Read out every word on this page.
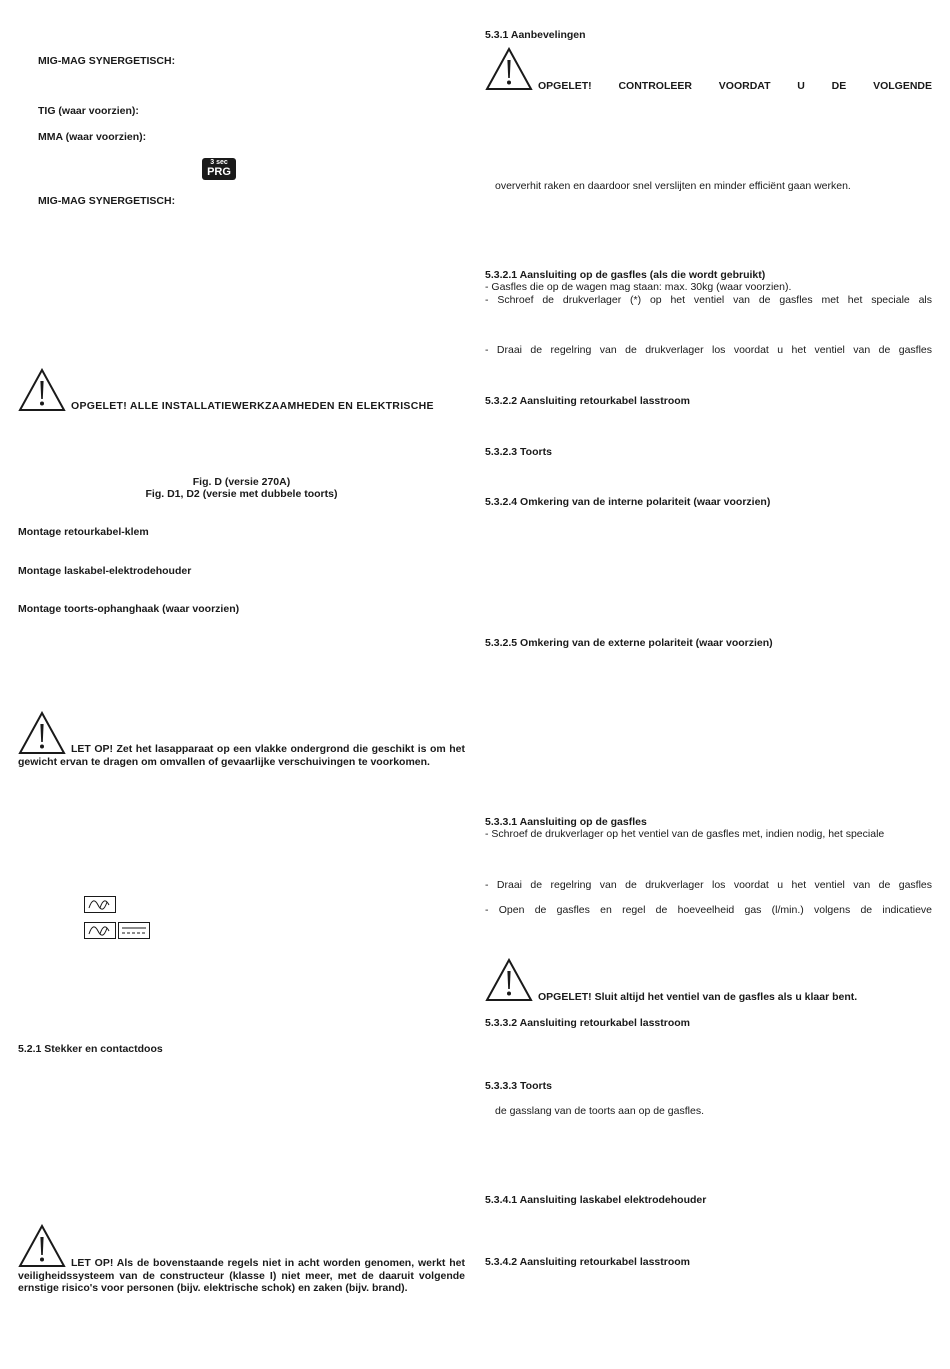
MIG-MAG SYNERGETISCH:
TIG (waar voorzien):
MMA (waar voorzien):
3 sec
PRG
MIG-MAG SYNERGETISCH:
OPGELET! ALLE INSTALLATIEWERKZAAMHEDEN EN ELEKTRISCHE
Fig. D (versie 270A)
Fig. D1, D2 (versie met dubbele toorts)
Montage retourkabel-klem
Montage laskabel-elektrodehouder
Montage toorts-ophanghaak (waar voorzien)
LET OP! Zet het lasapparaat op een vlakke ondergrond die geschikt is om het gewicht ervan te dragen om omvallen of gevaarlijke verschuivingen te voorkomen.
5.2.1 Stekker en contactdoos
LET OP! Als de bovenstaande regels niet in acht worden genomen, werkt het veiligheidssysteem van de constructeur (klasse I) niet meer, met de daaruit volgende ernstige risico's voor personen (bijv. elektrische schok) en zaken (bijv. brand).
5.3.1 Aanbevelingen
OPGELET! CONTROLEER VOORDAT U DE VOLGENDE
oververhit raken en daardoor snel verslijten en minder efficiënt gaan werken.
5.3.2.1 Aansluiting op de gasfles (als die wordt gebruikt)
- Gasfles die op de wagen mag staan: max. 30kg (waar voorzien).
- Schroef de drukverlager (*) op het ventiel van de gasfles met het speciale als
- Draai de regelring van de drukverlager los voordat u het ventiel van de gasfles
5.3.2.2 Aansluiting retourkabel lasstroom
5.3.2.3 Toorts
5.3.2.4 Omkering van de interne polariteit (waar voorzien)
5.3.2.5 Omkering van de externe polariteit (waar voorzien)
5.3.3.1 Aansluiting op de gasfles
- Schroef de drukverlager op het ventiel van de gasfles met, indien nodig, het speciale
- Draai de regelring van de drukverlager los voordat u het ventiel van de gasfles
- Open de gasfles en regel de hoeveelheid gas (l/min.) volgens de indicatieve
OPGELET! Sluit altijd het ventiel van de gasfles als u klaar bent.
5.3.3.2 Aansluiting retourkabel lasstroom
5.3.3.3 Toorts
de gasslang van de toorts aan op de gasfles.
5.3.4.1 Aansluiting laskabel elektrodehouder
5.3.4.2 Aansluiting retourkabel lasstroom
